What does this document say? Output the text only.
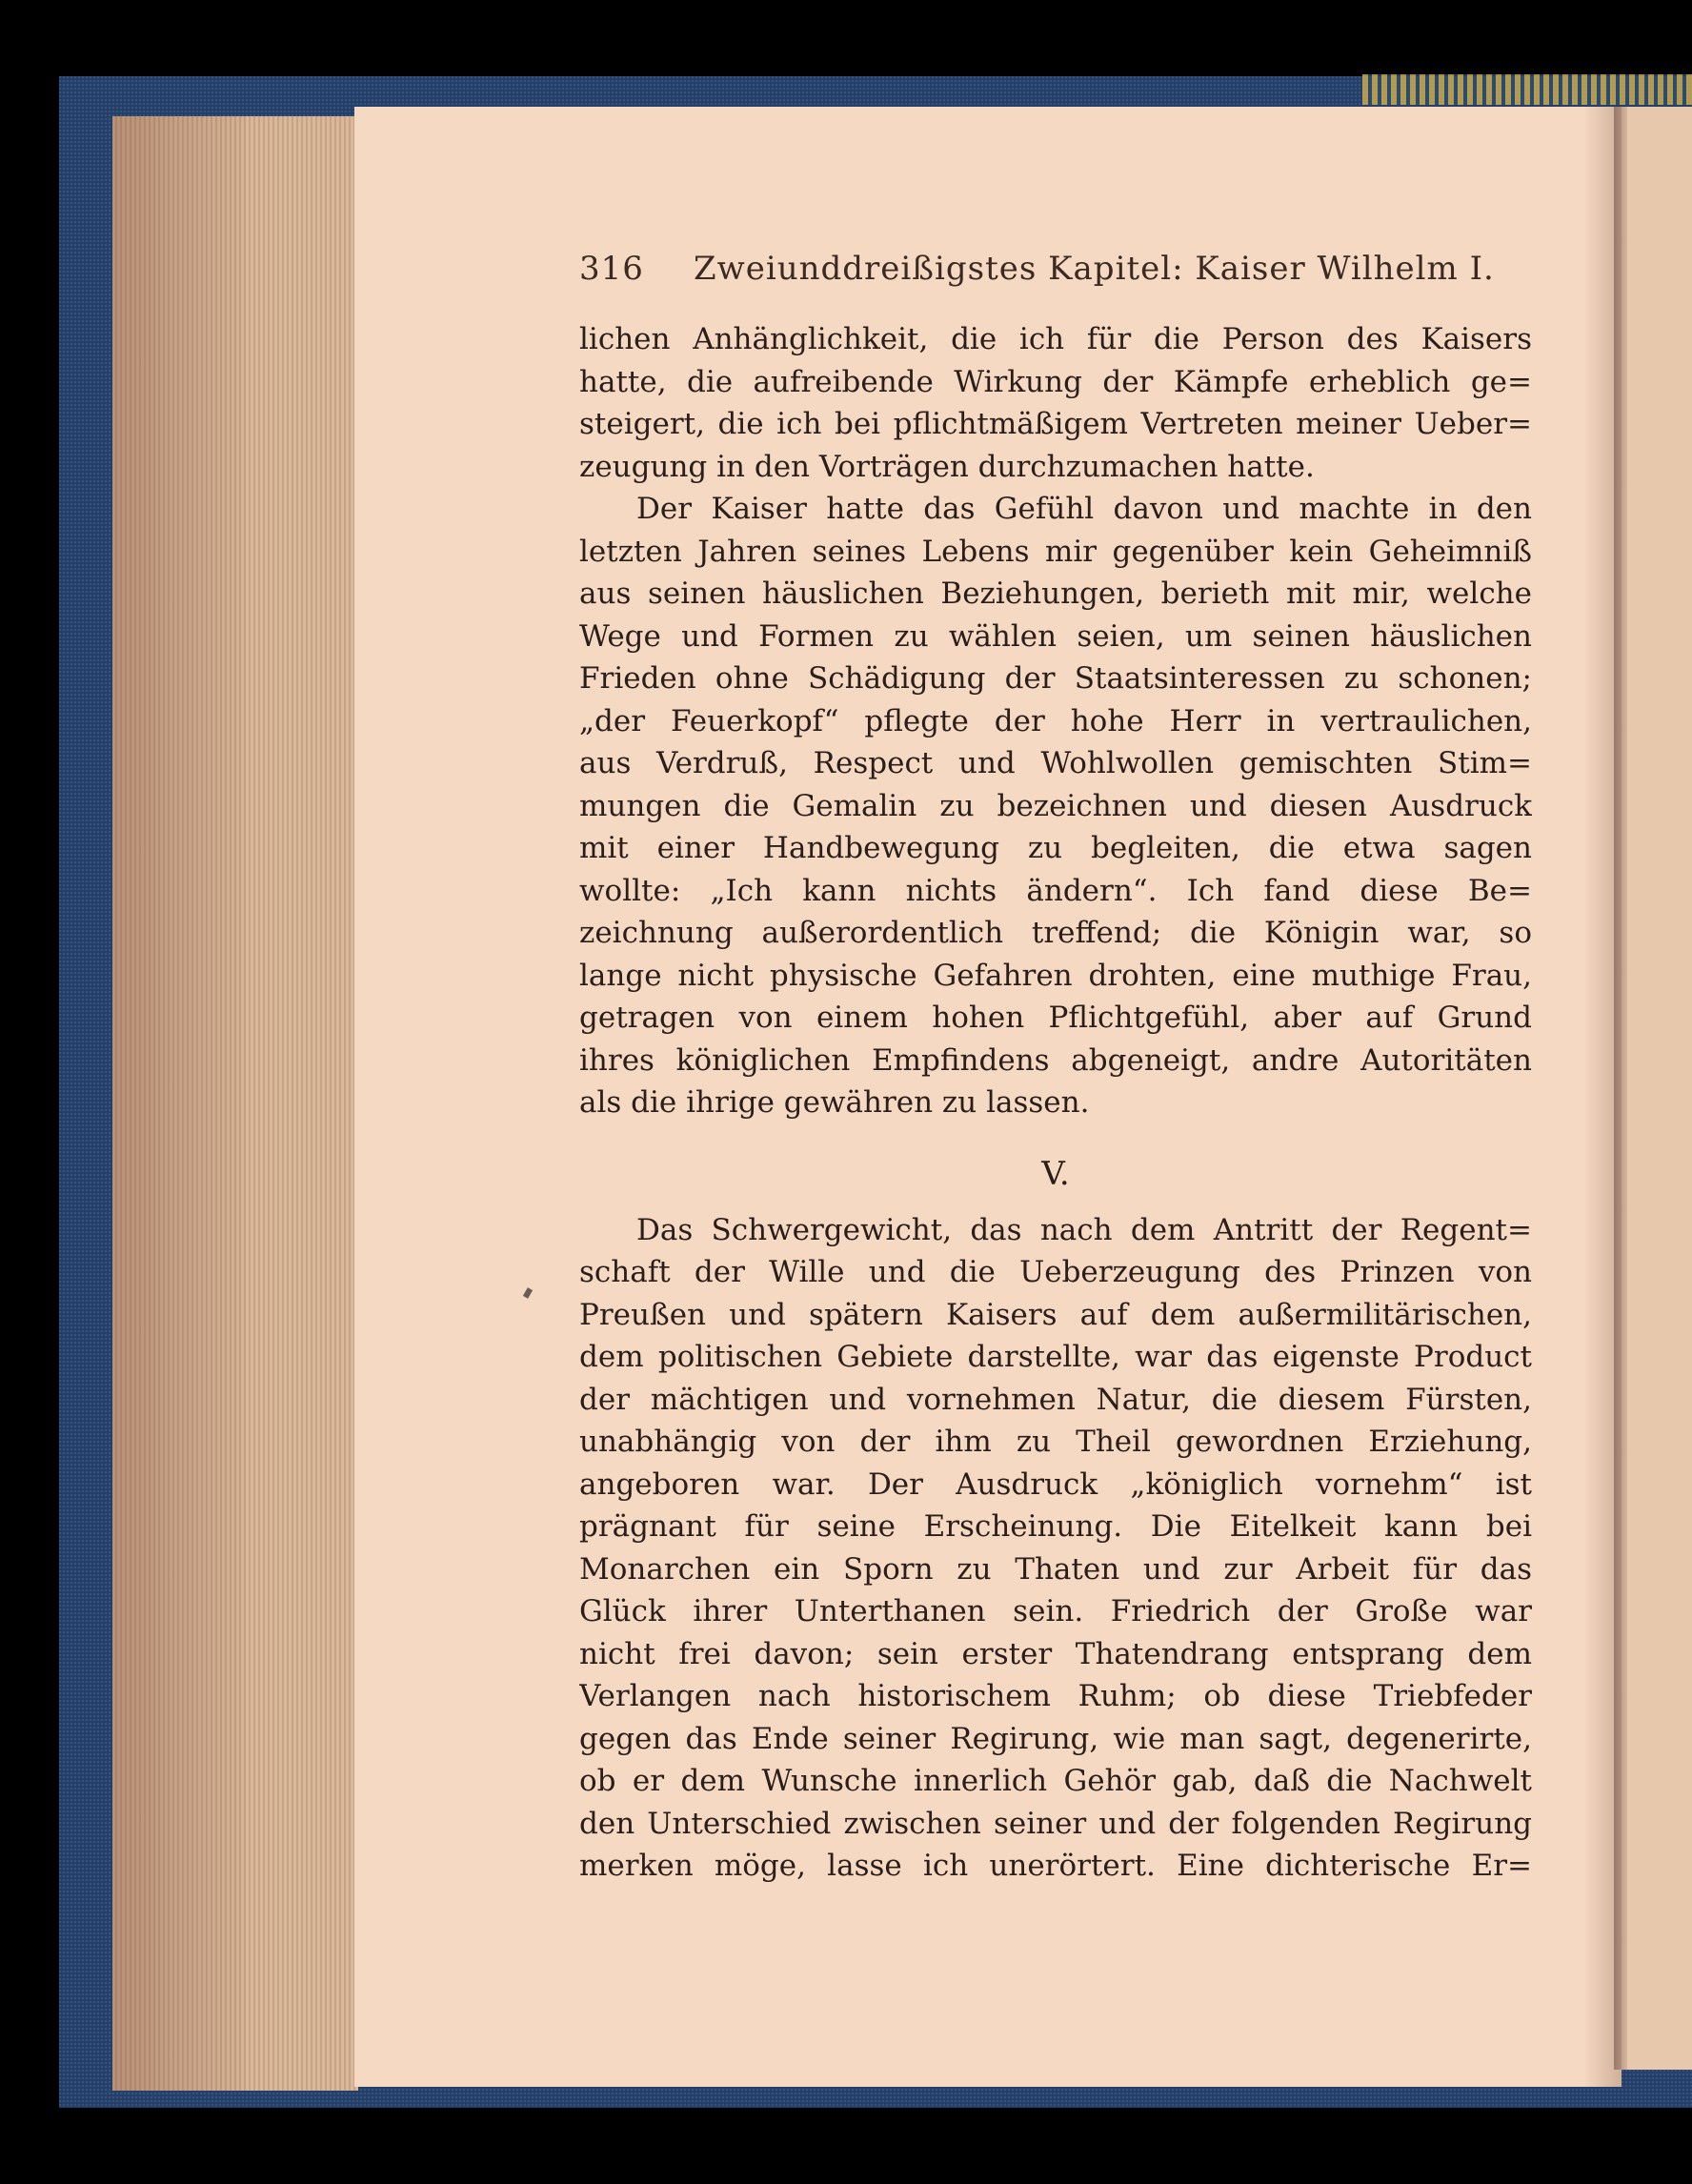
316 Zweiunddreißigstes Kapitel: Kaiser Wilhelm I.
lichen Anhänglichkeit, die ich für die Person des Kaisers
hatte, die aufreibende Wirkung der Kämpfe erheblich ge=
steigert, die ich bei pflichtmäßigem Vertreten meiner Ueber=
zeugung in den Vorträgen durchzumachen hatte.
Der Kaiser hatte das Gefühl davon und machte in den
letzten Jahren seines Lebens mir gegenüber kein Geheimniß
aus seinen häuslichen Beziehungen, berieth mit mir, welche
Wege und Formen zu wählen seien, um seinen häuslichen
Frieden ohne Schädigung der Staatsinteressen zu schonen;
„der Feuerkopf“ pflegte der hohe Herr in vertraulichen,
aus Verdruß, Respect und Wohlwollen gemischten Stim=
mungen die Gemalin zu bezeichnen und diesen Ausdruck
mit einer Handbewegung zu begleiten, die etwa sagen
wollte: „Ich kann nichts ändern“. Ich fand diese Be=
zeichnung außerordentlich treffend; die Königin war, so
lange nicht physische Gefahren drohten, eine muthige Frau,
getragen von einem hohen Pflichtgefühl, aber auf Grund
ihres königlichen Empfindens abgeneigt, andre Autoritäten
als die ihrige gewähren zu lassen.
V.
Das Schwergewicht, das nach dem Antritt der Regent=
schaft der Wille und die Ueberzeugung des Prinzen von
Preußen und spätern Kaisers auf dem außermilitärischen,
dem politischen Gebiete darstellte, war das eigenste Product
der mächtigen und vornehmen Natur, die diesem Fürsten,
unabhängig von der ihm zu Theil gewordnen Erziehung,
angeboren war. Der Ausdruck „königlich vornehm“ ist
prägnant für seine Erscheinung. Die Eitelkeit kann bei
Monarchen ein Sporn zu Thaten und zur Arbeit für das
Glück ihrer Unterthanen sein. Friedrich der Große war
nicht frei davon; sein erster Thatendrang entsprang dem
Verlangen nach historischem Ruhm; ob diese Triebfeder
gegen das Ende seiner Regirung, wie man sagt, degenerirte,
ob er dem Wunsche innerlich Gehör gab, daß die Nachwelt
den Unterschied zwischen seiner und der folgenden Regirung
merken möge, lasse ich unerörtert. Eine dichterische Er=
